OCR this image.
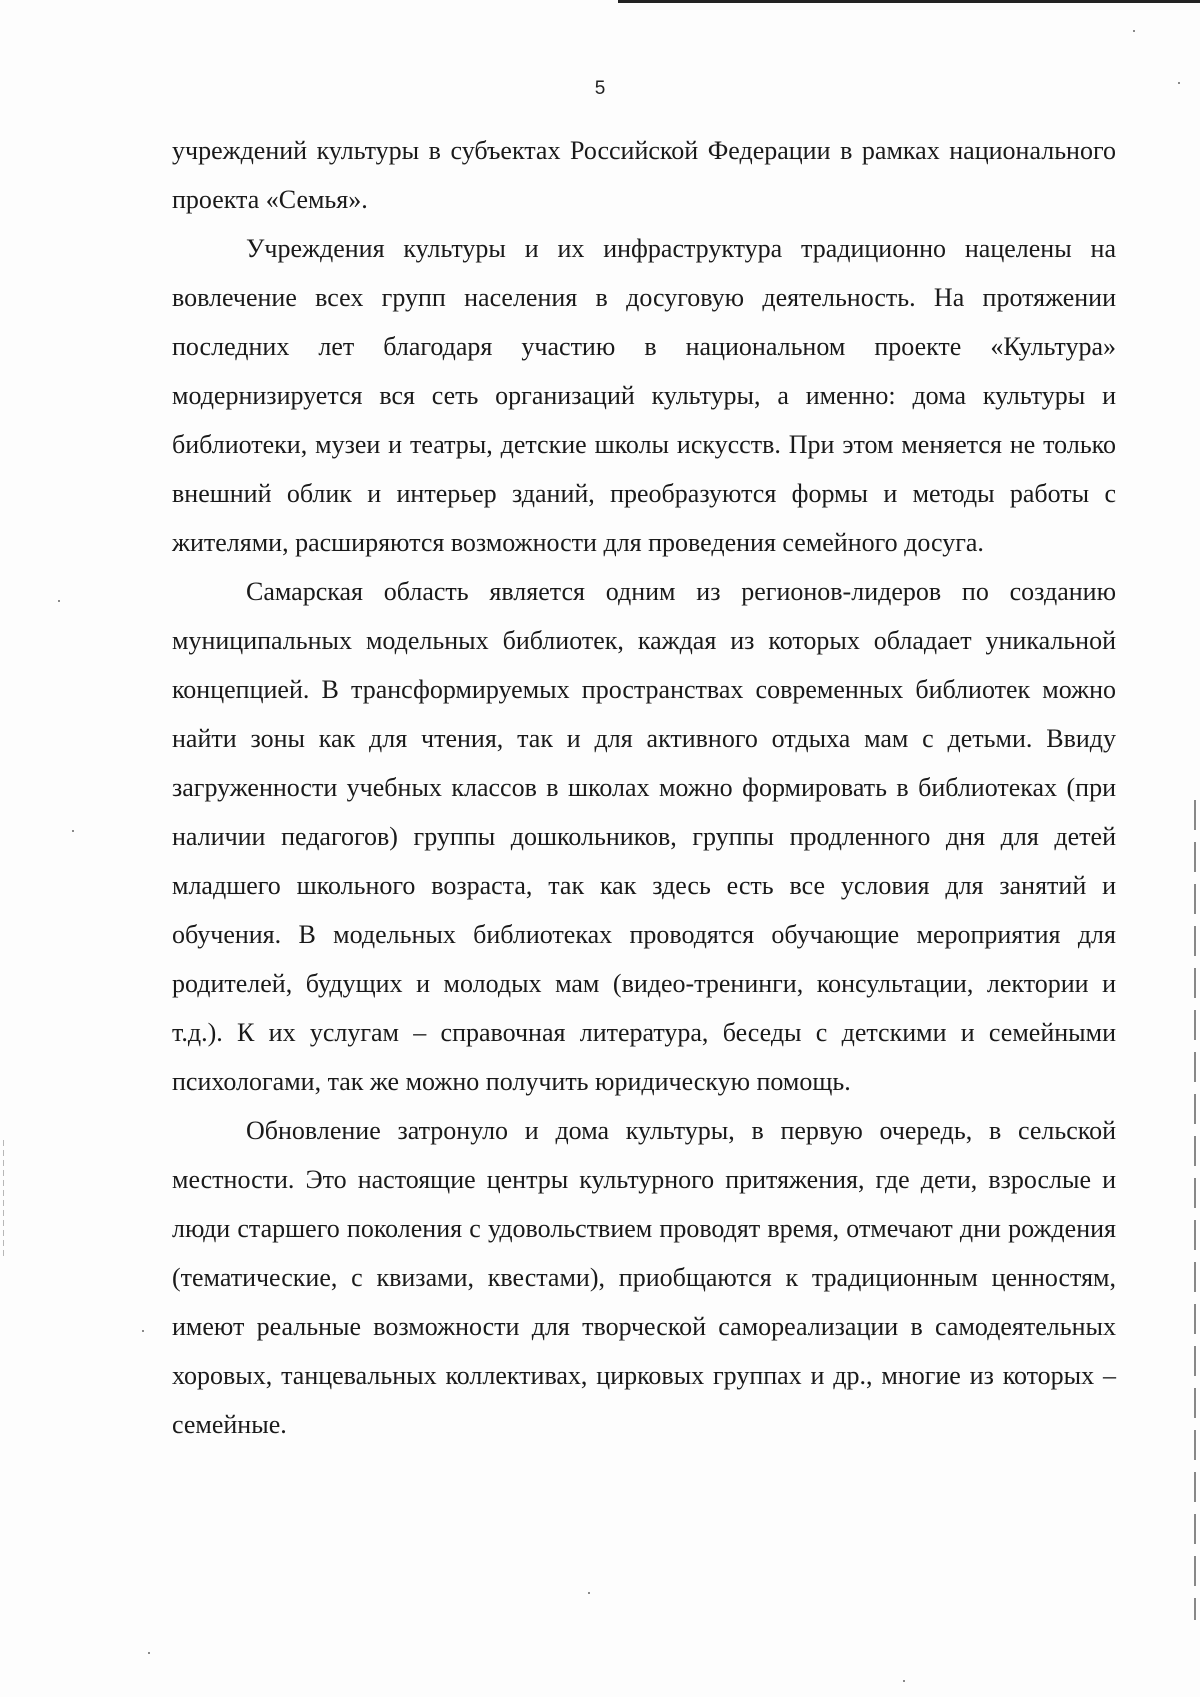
5

учреждений культуры в субъектах Российской Федерации в рамках национального проекта «Семья».

Учреждения культуры и их инфраструктура традиционно нацелены на вовлечение всех групп населения в досуговую деятельность. На протяжении последних лет благодаря участию в национальном проекте «Культура» модернизируется вся сеть организаций культуры, а именно: дома культуры и библиотеки, музеи и театры, детские школы искусств. При этом меняется не только внешний облик и интерьер зданий, преобразуются формы и методы работы с жителями, расширяются возможности для проведения семейного досуга.

Самарская область является одним из регионов-лидеров по созданию муниципальных модельных библиотек, каждая из которых обладает уникальной концепцией. В трансформируемых пространствах современных библиотек можно найти зоны как для чтения, так и для активного отдыха мам с детьми. Ввиду загруженности учебных классов в школах можно формировать в библиотеках (при наличии педагогов) группы дошкольников, группы продленного дня для детей младшего школьного возраста, так как здесь есть все условия для занятий и обучения. В модельных библиотеках проводятся обучающие мероприятия для родителей, будущих и молодых мам (видео-тренинги, консультации, лектории и т.д.). К их услугам – справочная литература, беседы с детскими и семейными психологами, так же можно получить юридическую помощь.

Обновление затронуло и дома культуры, в первую очередь, в сельской местности. Это настоящие центры культурного притяжения, где дети, взрослые и люди старшего поколения с удовольствием проводят время, отмечают дни рождения (тематические, с квизами, квестами), приобщаются к традиционным ценностям, имеют реальные возможности для творческой самореализации в самодеятельных хоровых, танцевальных коллективах, цирковых группах и др., многие из которых – семейные.
